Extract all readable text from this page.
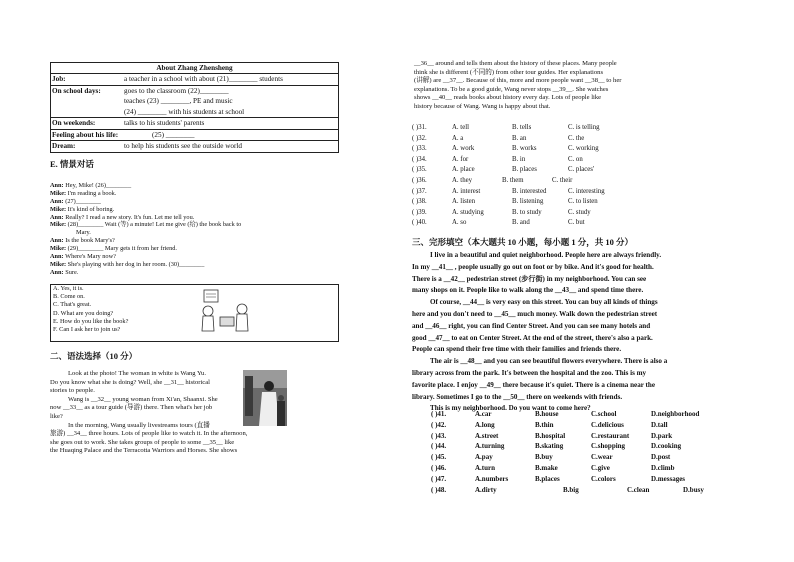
About Zhang Zhensheng
Job:	a teacher in a school with about (21)________ students
On school days:	goes to the classroom (22)________
teaches (23) ________, PE and music
(24) ________ with his students at school
On weekends:	talks to his students' parents
Feeling about his life:	(25) ________
Dream:	to help his students see the outside world
E. 情景对话
Ann: Hey, Mike! (26)________
Mike: I'm reading a book.
Ann: (27)________
Mike: It's kind of boring.
Ann: Really? I read a new story. It's fun. Let me tell you.
Mike: (28)________ Wait (等) a minute! Let me give (给) the book back to
Mary.
Ann: Is the book Mary's?
Mike: (29)________ Mary gets it from her friend.
Ann: Where's Mary now?
Mike: She's playing with her dog in her room. (30)________
Ann: Sure.
A. Yes, it is.
B. Come on.
C. That's great.
D. What are you doing?
E. How do you like the book?
F. Can I ask her to join us?
二、语法选择（10 分）

Look at the photo! The woman in white is Wang Yu.

Do you know what she is doing? Well, she __31__ historical

stories to people.

Wang is __32__ young woman from Xi'an, Shaanxi. She

now __33__ as a tour guide (导游) there. Then what's her job

like?

In the morning, Wang usually livestreams tours (直播

旅游) __34__ three hours. Lots of people like to watch it. In the afternoon,

she goes out to work. She takes groups of people to some __35__ like

the Huaqing Palace and the Terracotta Warriors and Horses. She shows

__36__ around and tells them about the history of these places. Many people

think she is different (不同的) from other tour guides. Her explanations

(讲解) are __37__. Because of this, more and more people want __38__ to her

explanations. To be a good guide, Wang never stops __39__. She watches

shows __40__ reads books about history every day. Lots of people like

history because of Wang. Wang is happy about that.

( )31.	A. tell	B. tells	C. is telling
( )32.	A. a	B. an	C. the
( )33.	A. work	B. works	C. working
( )34.	A. for	B. in	C. on
( )35.	A. place	B. places	C. places'
( )36.	A. they	B. them	C. their
( )37.	A. interest	B. interested	C. interesting
( )38.	A. listen	B. listening	C. to listen
( )39.	A. studying	B. to study	C. study
( )40.	A. so	B. and	C. but
三、完形填空（本大题共 10 小题，每小题 1 分，共 10 分）

I live in a beautiful and quiet neighborhood. People here are always friendly.

In my __41__ , people usually go out on foot or by bike. And it's good for health.

There is a __42__ pedestrian street (步行街) in my neighborhood. You can see

many shops on it. People like to walk along the __43__ and spend time there.

Of course, __44__ is very easy on this street. You can buy all kinds of things

here and you don't need to __45__ much money. Walk down the pedestrian street

and __46__ right, you can find Center Street. And you can see many hotels and

good __47__ to eat on Center Street. At the end of the street, there's also a park.

People can spend their free time with their families and friends there.

The air is __48__ and you can see beautiful flowers everywhere. There is also a

library across from the park. It's between the hospital and the zoo. This is my

favorite place. I enjoy __49__ there because it's quiet. There is a cinema near the

library. Sometimes I go to the __50__ there on weekends with friends.

This is my neighborhood. Do you want to come here?

( )41.	A.car	B.house	C.school	D.neighborhood
( )42.	A.long	B.thin	C.delicious	D.tall
( )43.	A.street	B.hospital	C.restaurant	D.park
( )44.	A.turning	B.skating	C.shopping	D.cooking
( )45.	A.pay	B.buy	C.wear	D.post
( )46.	A.turn	B.make	C.give	D.climb
( )47.	A.numbers	B.places	C.colors	D.messages
( )48.	A.dirty	B.big	C.clean	D.busy
